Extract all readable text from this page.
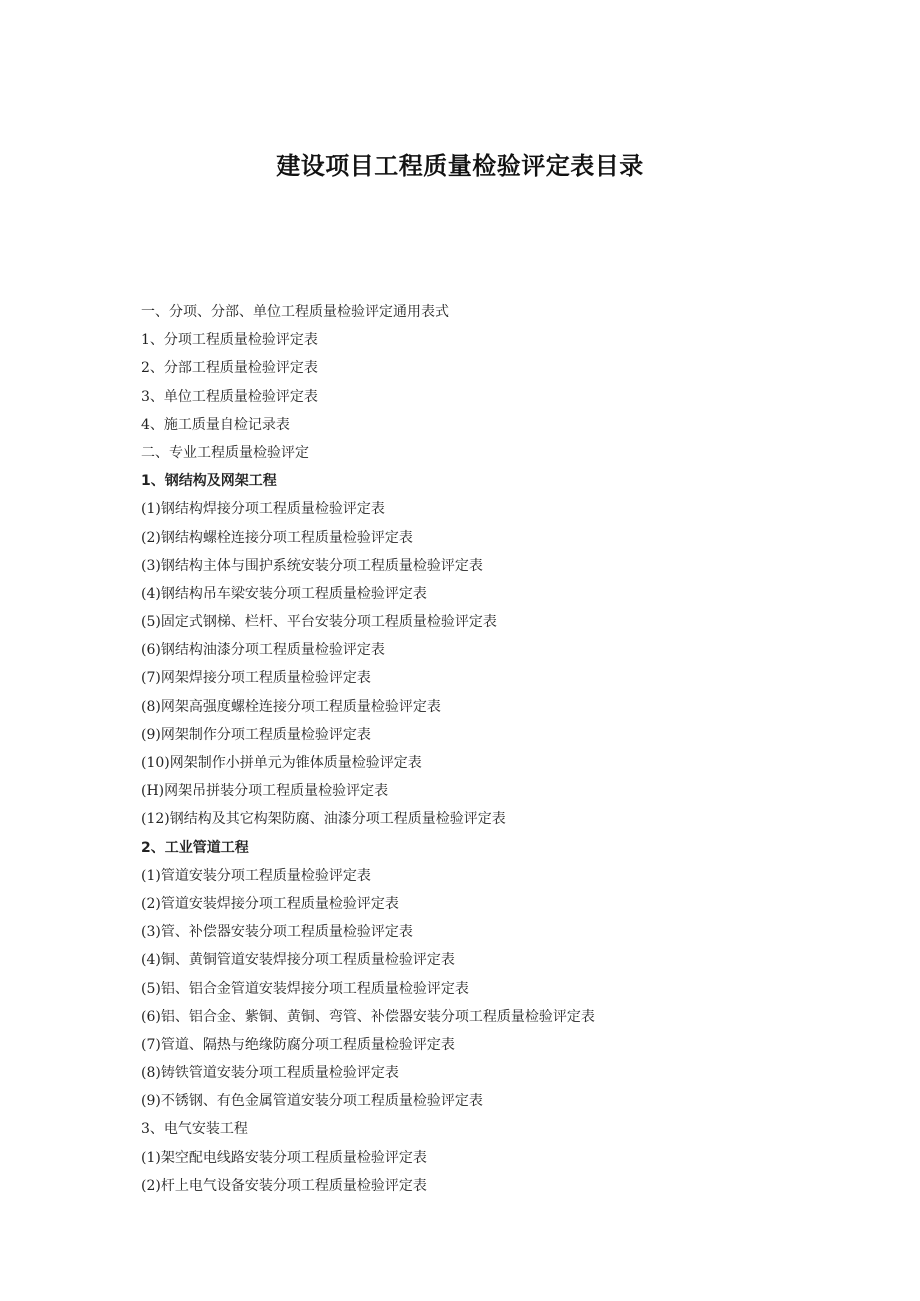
建设项目工程质量检验评定表目录
一、分项、分部、单位工程质量检验评定通用表式
1、分项工程质量检验评定表
2、分部工程质量检验评定表
3、单位工程质量检验评定表
4、施工质量自检记录表
二、专业工程质量检验评定
1、钢结构及网架工程
(1)钢结构焊接分项工程质量检验评定表
(2)钢结构螺栓连接分项工程质量检验评定表
(3)钢结构主体与围护系统安装分项工程质量检验评定表
(4)钢结构吊车梁安装分项工程质量检验评定表
(5)固定式钢梯、栏杆、平台安装分项工程质量检验评定表
(6)钢结构油漆分项工程质量检验评定表
(7)网架焊接分项工程质量检验评定表
(8)网架高强度螺栓连接分项工程质量检验评定表
(9)网架制作分项工程质量检验评定表
(10)网架制作小拼单元为锥体质量检验评定表
(H)网架吊拼装分项工程质量检验评定表
(12)钢结构及其它构架防腐、油漆分项工程质量检验评定表
2、工业管道工程
(1)管道安装分项工程质量检验评定表
(2)管道安装焊接分项工程质量检验评定表
(3)管、补偿器安装分项工程质量检验评定表
(4)铜、黄铜管道安装焊接分项工程质量检验评定表
(5)铝、铝合金管道安装焊接分项工程质量检验评定表
(6)铝、铝合金、紫铜、黄铜、弯管、补偿器安装分项工程质量检验评定表
(7)管道、隔热与绝缘防腐分项工程质量检验评定表
(8)铸铁管道安装分项工程质量检验评定表
(9)不锈钢、有色金属管道安装分项工程质量检验评定表
3、电气安装工程
(1)架空配电线路安装分项工程质量检验评定表
(2)杆上电气设备安装分项工程质量检验评定表
